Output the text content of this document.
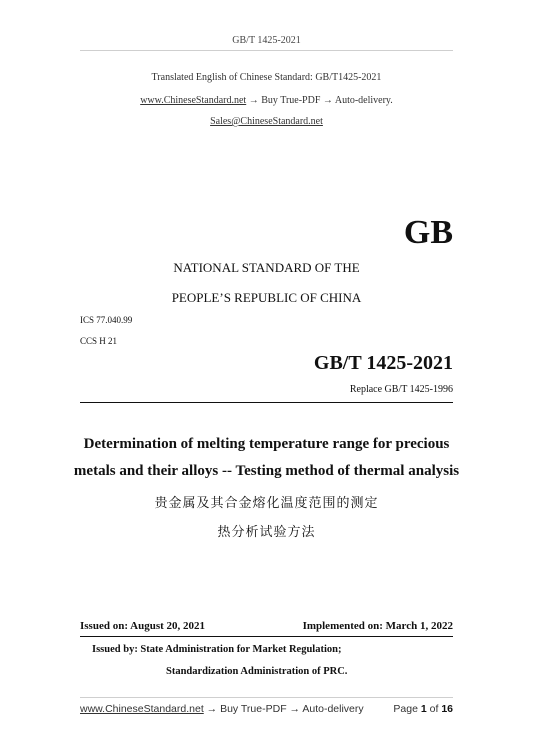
GB/T 1425-2021
Translated English of Chinese Standard: GB/T1425-2021
www.ChineseStandard.net → Buy True-PDF → Auto-delivery.
Sales@ChineseStandard.net
GB
NATIONAL STANDARD OF THE
PEOPLE’S REPUBLIC OF CHINA
ICS 77.040.99
CCS H 21
GB/T 1425-2021
Replace GB/T 1425-1996
Determination of melting temperature range for precious
metals and their alloys -- Testing method of thermal analysis
贵金属及其合金熔化温度范围的测定
热分析试验方法
Issued on: August 20, 2021	Implemented on: March 1, 2022
Issued by: State Administration for Market Regulation;
Standardization Administration of PRC.
www.ChineseStandard.net → Buy True-PDF → Auto-delivery	Page 1 of 16
